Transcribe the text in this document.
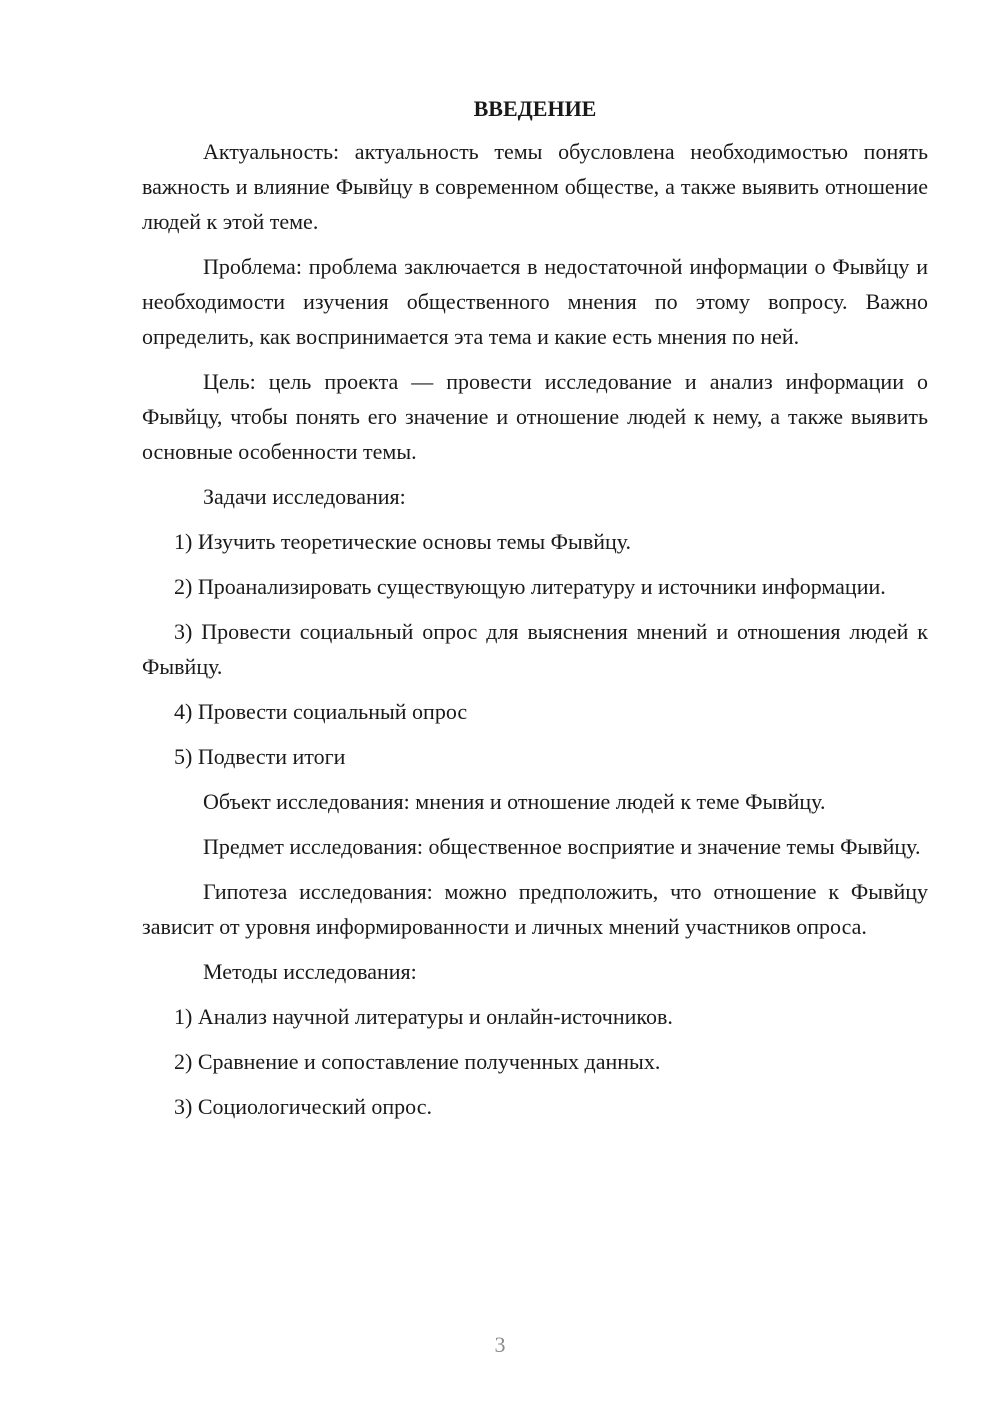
ВВЕДЕНИЕ

Актуальность: актуальность темы обусловлена необходимостью понять важность и влияние Фывйцу в современном обществе, а также выявить отношение людей к этой теме.

Проблема: проблема заключается в недостаточной информации о Фывйцу и необходимости изучения общественного мнения по этому вопросу. Важно определить, как воспринимается эта тема и какие есть мнения по ней.

Цель: цель проекта — провести исследование и анализ информации о Фывйцу, чтобы понять его значение и отношение людей к нему, а также выявить основные особенности темы.

Задачи исследования:

1) Изучить теоретические основы темы Фывйцу.

2) Проанализировать существующую литературу и источники информации.

3) Провести социальный опрос для выяснения мнений и отношения людей к Фывйцу.

4) Провести социальный опрос

5) Подвести итоги

Объект исследования: мнения и отношение людей к теме Фывйцу.

Предмет исследования: общественное восприятие и значение темы Фывйцу.

Гипотеза исследования: можно предположить, что отношение к Фывйцу зависит от уровня информированности и личных мнений участников опроса.

Методы исследования:

1) Анализ научной литературы и онлайн-источников.

2) Сравнение и сопоставление полученных данных.

3) Социологический опрос.

3
